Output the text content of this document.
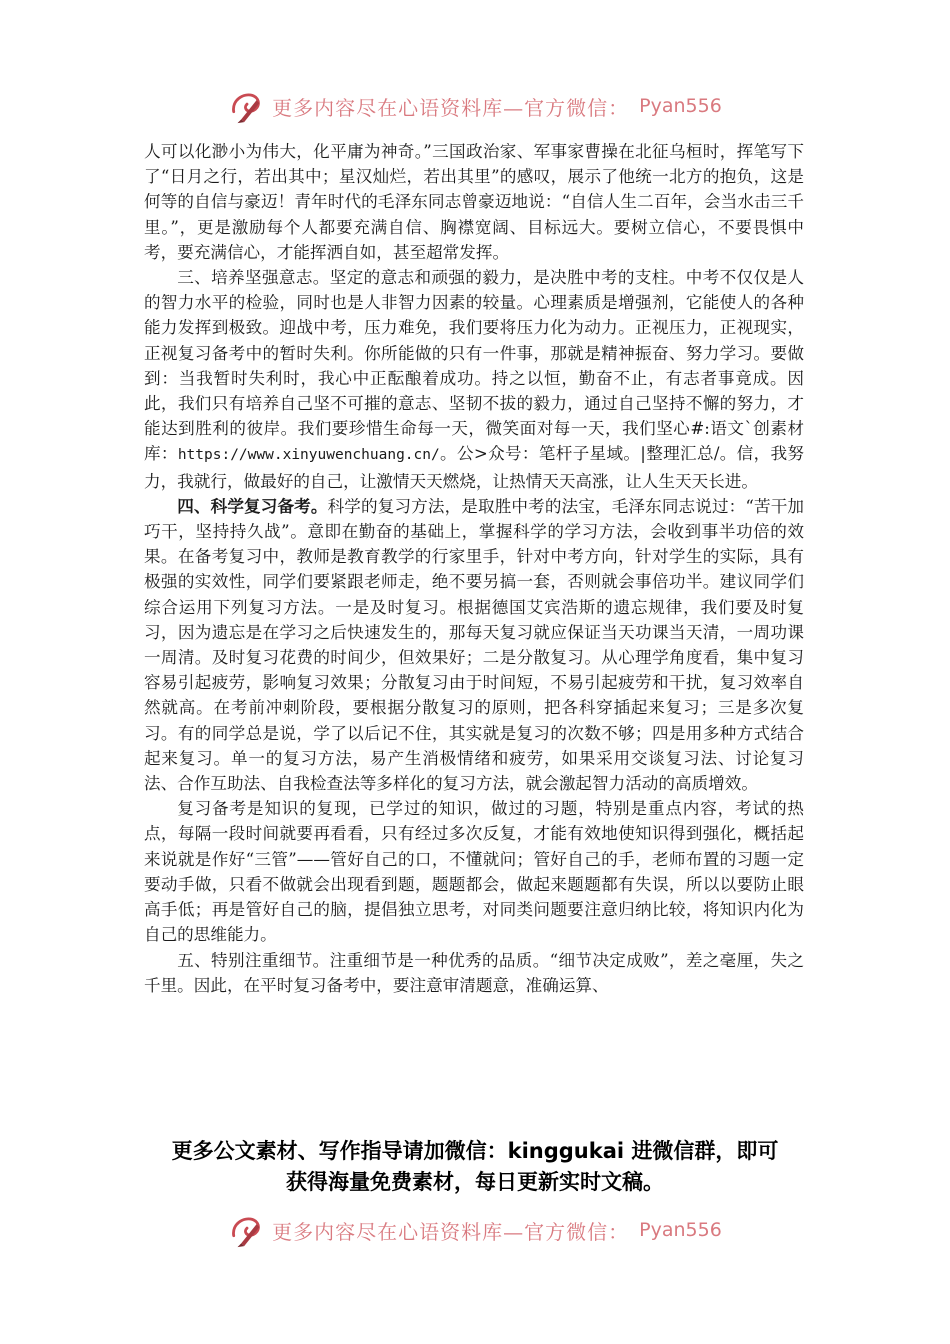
更多内容尽在心语资料库—官方微信： Pyan556

人可以化渺小为伟大，化平庸为神奇。”三国政治家、军事家曹操在北征乌桓时，挥笔写下了“日月之行，若出其中；星汉灿烂，若出其里”的感叹，展示了他统一北方的抱负，这是何等的自信与豪迈！青年时代的毛泽东同志曾豪迈地说：“自信人生二百年，会当水击三千里。”，更是激励每个人都要充满自信、胸襟宽阔、目标远大。要树立信心，不要畏惧中考，要充满信心，才能挥洒自如，甚至超常发挥。

三、培养坚强意志。坚定的意志和顽强的毅力，是决胜中考的支柱。中考不仅仅是人的智力水平的检验，同时也是人非智力因素的较量。心理素质是增强剂，它能使人的各种能力发挥到极致。迎战中考，压力难免，我们要将压力化为动力。正视压力，正视现实，正视复习备考中的暂时失利。你所能做的只有一件事，那就是精神振奋、努力学习。要做到：当我暂时失利时，我心中正酝酿着成功。持之以恒，勤奋不止，有志者事竟成。因此，我们只有培养自己坚不可摧的意志、坚韧不拔的毅力，通过自己坚持不懈的努力，才能达到胜利的彼岸。我们要珍惜生命每一天，微笑面对每一天，我们坚心#:语文`创素材库：https://www.xinyuwenchuang.cn/。公>众号：笔杆子星域。|整理汇总/。信，我努力，我就行，做最好的自己，让激情天天燃烧，让热情天天高涨，让人生天天长进。

四、科学复习备考。科学的复习方法，是取胜中考的法宝，毛泽东同志说过：“苦干加巧干，坚持持久战”。意即在勤奋的基础上，掌握科学的学习方法，会收到事半功倍的效果。在备考复习中，教师是教育教学的行家里手，针对中考方向，针对学生的实际，具有极强的实效性，同学们要紧跟老师走，绝不要另搞一套，否则就会事倍功半。建议同学们综合运用下列复习方法。一是及时复习。根据德国艾宾浩斯的遗忘规律，我们要及时复习，因为遗忘是在学习之后快速发生的，那每天复习就应保证当天功课当天清，一周功课一周清。及时复习花费的时间少，但效果好；二是分散复习。从心理学角度看，集中复习容易引起疲劳，影响复习效果；分散复习由于时间短，不易引起疲劳和干扰，复习效率自然就高。在考前冲刺阶段，要根据分散复习的原则，把各科穿插起来复习；三是多次复习。有的同学总是说，学了以后记不住，其实就是复习的次数不够；四是用多种方式结合起来复习。单一的复习方法，易产生消极情绪和疲劳，如果采用交谈复习法、讨论复习法、合作互助法、自我检查法等多样化的复习方法，就会激起智力活动的高质增效。

复习备考是知识的复现，已学过的知识，做过的习题，特别是重点内容，考试的热点，每隔一段时间就要再看看，只有经过多次反复，才能有效地使知识得到强化，概括起来说就是作好“三管”——管好自己的口，不懂就问；管好自己的手，老师布置的习题一定要动手做，只看不做就会出现看到题，题题都会，做起来题题都有失误，所以以要防止眼高手低；再是管好自己的脑，提倡独立思考，对同类问题要注意归纳比较，将知识内化为自己的思维能力。

五、特别注重细节。注重细节是一种优秀的品质。“细节决定成败”，差之毫厘，失之千里。因此，在平时复习备考中，要注意审清题意，准确运算、

更多公文素材、写作指导请加微信：kinggukai 进微信群，即可
获得海量免费素材，每日更新实时文稿。
更多内容尽在心语资料库—官方微信： Pyan556
